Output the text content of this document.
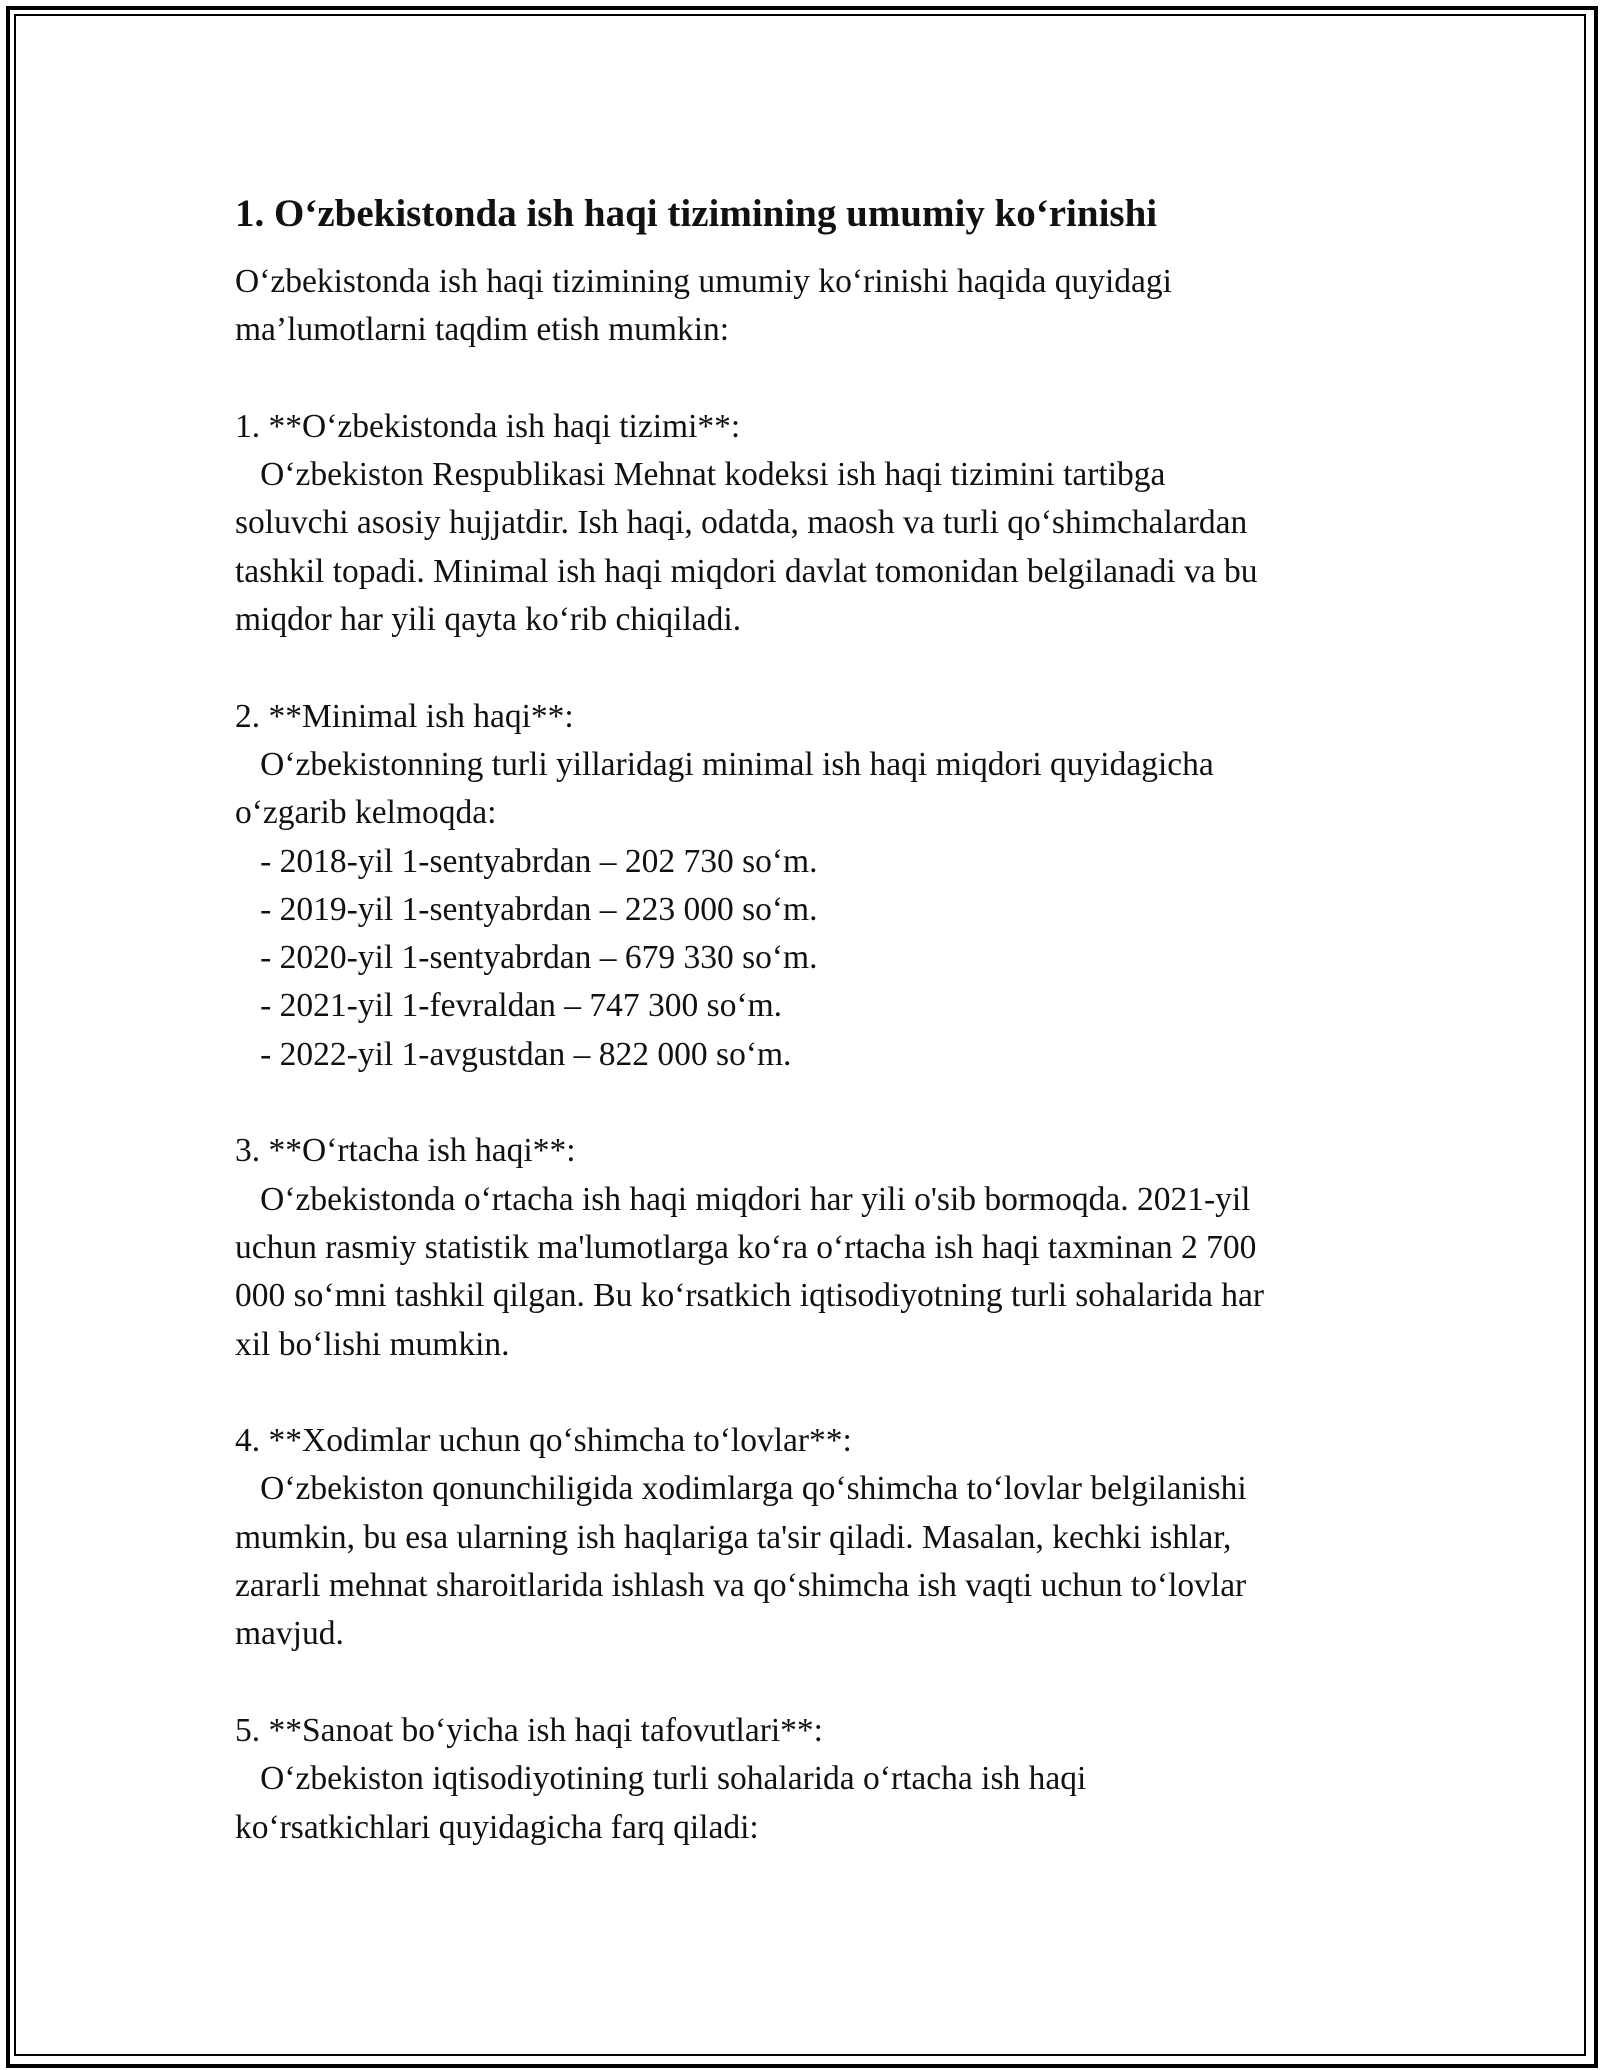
1. O‘zbekistonda ish haqi tizimining umumiy ko‘rinishi
O‘zbekistonda ish haqi tizimining umumiy ko‘rinishi haqida quyidagi
ma’lumotlarni taqdim etish mumkin:
1. **O‘zbekistonda ish haqi tizimi**:
O‘zbekiston Respublikasi Mehnat kodeksi ish haqi tizimini tartibga
soluvchi asosiy hujjatdir. Ish haqi, odatda, maosh va turli qo‘shimchalardan
tashkil topadi. Minimal ish haqi miqdori davlat tomonidan belgilanadi va bu
miqdor har yili qayta ko‘rib chiqiladi.
2. **Minimal ish haqi**:
O‘zbekistonning turli yillaridagi minimal ish haqi miqdori quyidagicha
o‘zgarib kelmoqda:
- 2018-yil 1-sentyabrdan – 202 730 so‘m.
- 2019-yil 1-sentyabrdan – 223 000 so‘m.
- 2020-yil 1-sentyabrdan – 679 330 so‘m.
- 2021-yil 1-fevraldan – 747 300 so‘m.
- 2022-yil 1-avgustdan – 822 000 so‘m.
3. **O‘rtacha ish haqi**:
O‘zbekistonda o‘rtacha ish haqi miqdori har yili o'sib bormoqda. 2021-yil
uchun rasmiy statistik ma'lumotlarga ko‘ra o‘rtacha ish haqi taxminan 2 700
000 so‘mni tashkil qilgan. Bu ko‘rsatkich iqtisodiyotning turli sohalarida har
xil bo‘lishi mumkin.
4. **Xodimlar uchun qo‘shimcha to‘lovlar**:
O‘zbekiston qonunchiligida xodimlarga qo‘shimcha to‘lovlar belgilanishi
mumkin, bu esa ularning ish haqlariga ta'sir qiladi. Masalan, kechki ishlar,
zararli mehnat sharoitlarida ishlash va qo‘shimcha ish vaqti uchun to‘lovlar
mavjud.
5. **Sanoat bo‘yicha ish haqi tafovutlari**:
O‘zbekiston iqtisodiyotining turli sohalarida o‘rtacha ish haqi
ko‘rsatkichlari quyidagicha farq qiladi:
